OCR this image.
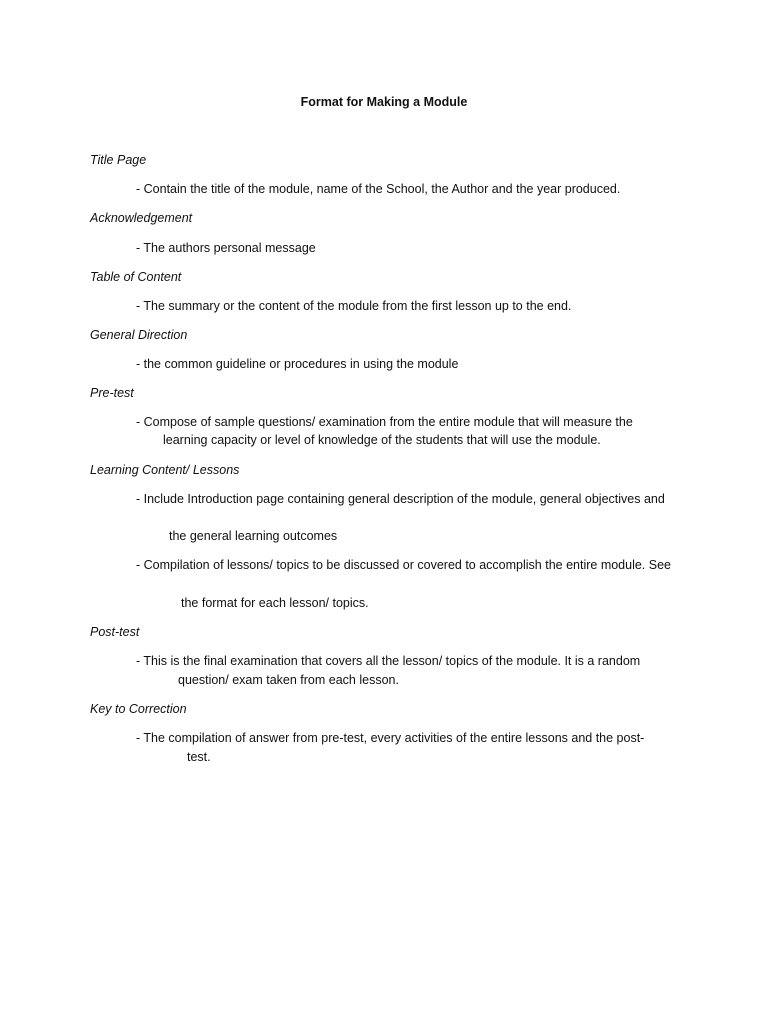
Format for Making a Module
Title Page
- Contain the title of the module, name of the School, the Author and the year produced.
Acknowledgement
- The authors personal message
Table of Content
- The summary or the content of the module from the first lesson up to the end.
General Direction
- the common guideline or procedures in using the module
Pre-test
- Compose of sample questions/ examination from the entire module that will measure the
learning capacity or level of knowledge of the students that will use the module.
Learning Content/ Lessons
- Include Introduction page containing general description of the module, general objectives and
the general learning outcomes
- Compilation of lessons/ topics to be discussed or covered to accomplish the entire module. See
the format for each lesson/ topics.
Post-test
- This is the final examination that covers all the lesson/ topics of the module. It is a random
question/ exam taken from each lesson.
Key to Correction
- The compilation of answer from pre-test, every activities of the entire lessons and the post-
test.
